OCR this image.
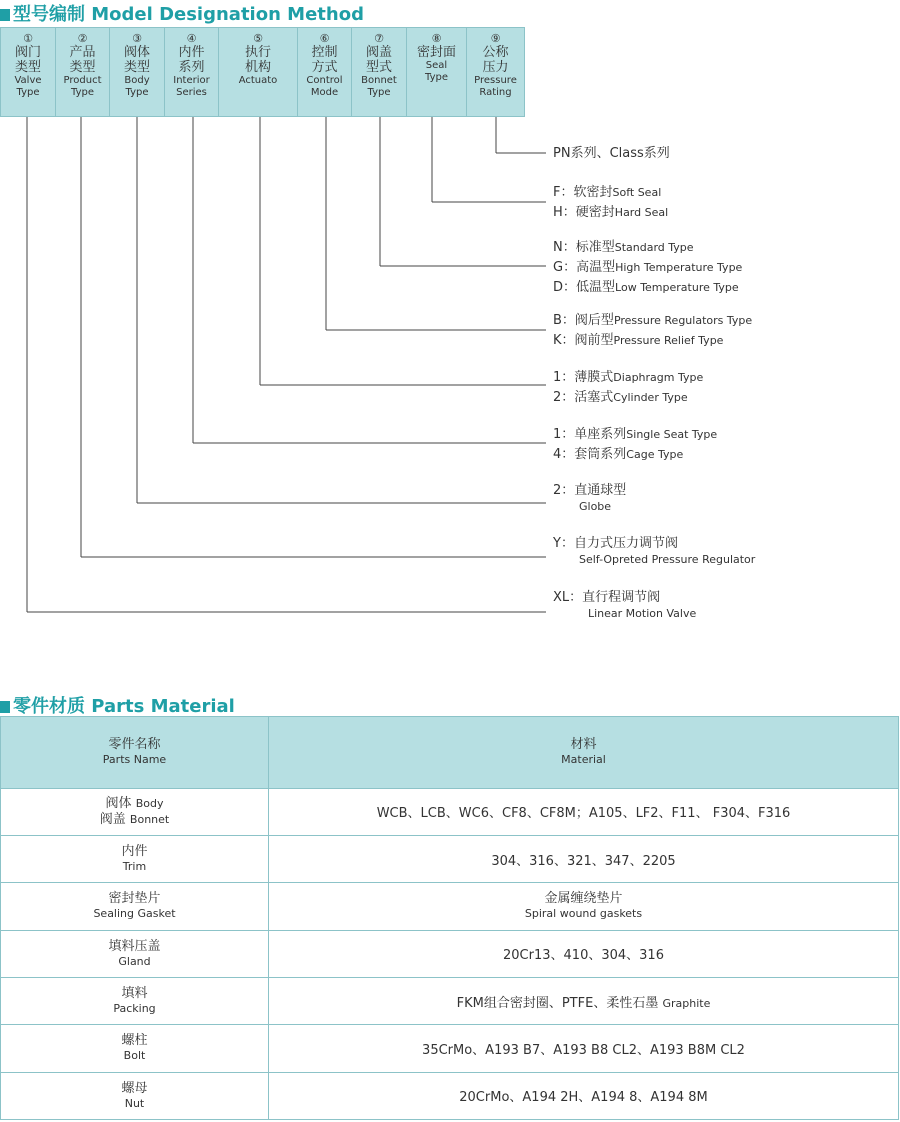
型号编制 Model Designation Method
①
阀门
类型
Valve
Type
②
产品
类型
Product
Type
③
阀体
类型
Body
Type
④
内件
系列
Interior
Series
⑤
执行
机构
Actuato
⑥
控制
方式
Control
Mode
⑦
阀盖
型式
Bonnet
Type
⑧
密封面
Seal
Type
⑨
公称
压力
Pressure
Rating
PN系列、Class系列
F：软密封Soft Seal
H：硬密封Hard Seal
N：标准型Standard Type
G：高温型High Temperature Type
D：低温型Low Temperature Type
B：阀后型Pressure Regulators Type
K：阀前型Pressure Relief Type
1：薄膜式Diaphragm Type
2：活塞式Cylinder Type
1：单座系列Single Seat Type
4：套筒系列Cage Type
2：直通球型
Globe
Y：自力式压力调节阀
Self-Opreted Pressure Regulator
XL：直行程调节阀
Linear Motion Valve
零件材质 Parts Material
零件名称
Parts Name	材料
Material

阀体 Body
阀盖 Bonnet	WCB、LCB、WC6、CF8、CF8M；A105、LF2、F11、 F304、F316

内件
Trim	304、316、321、347、2205

密封垫片
Sealing Gasket	金属缠绕垫片
Spiral wound gaskets

填料压盖
Gland	20Cr13、410、304、316

填料
Packing	FKM组合密封圈、PTFE、柔性石墨 Graphite

螺柱
Bolt	35CrMo、A193 B7、A193 B8 CL2、A193 B8M CL2

螺母
Nut	20CrMo、A194 2H、A194 8、A194 8M
